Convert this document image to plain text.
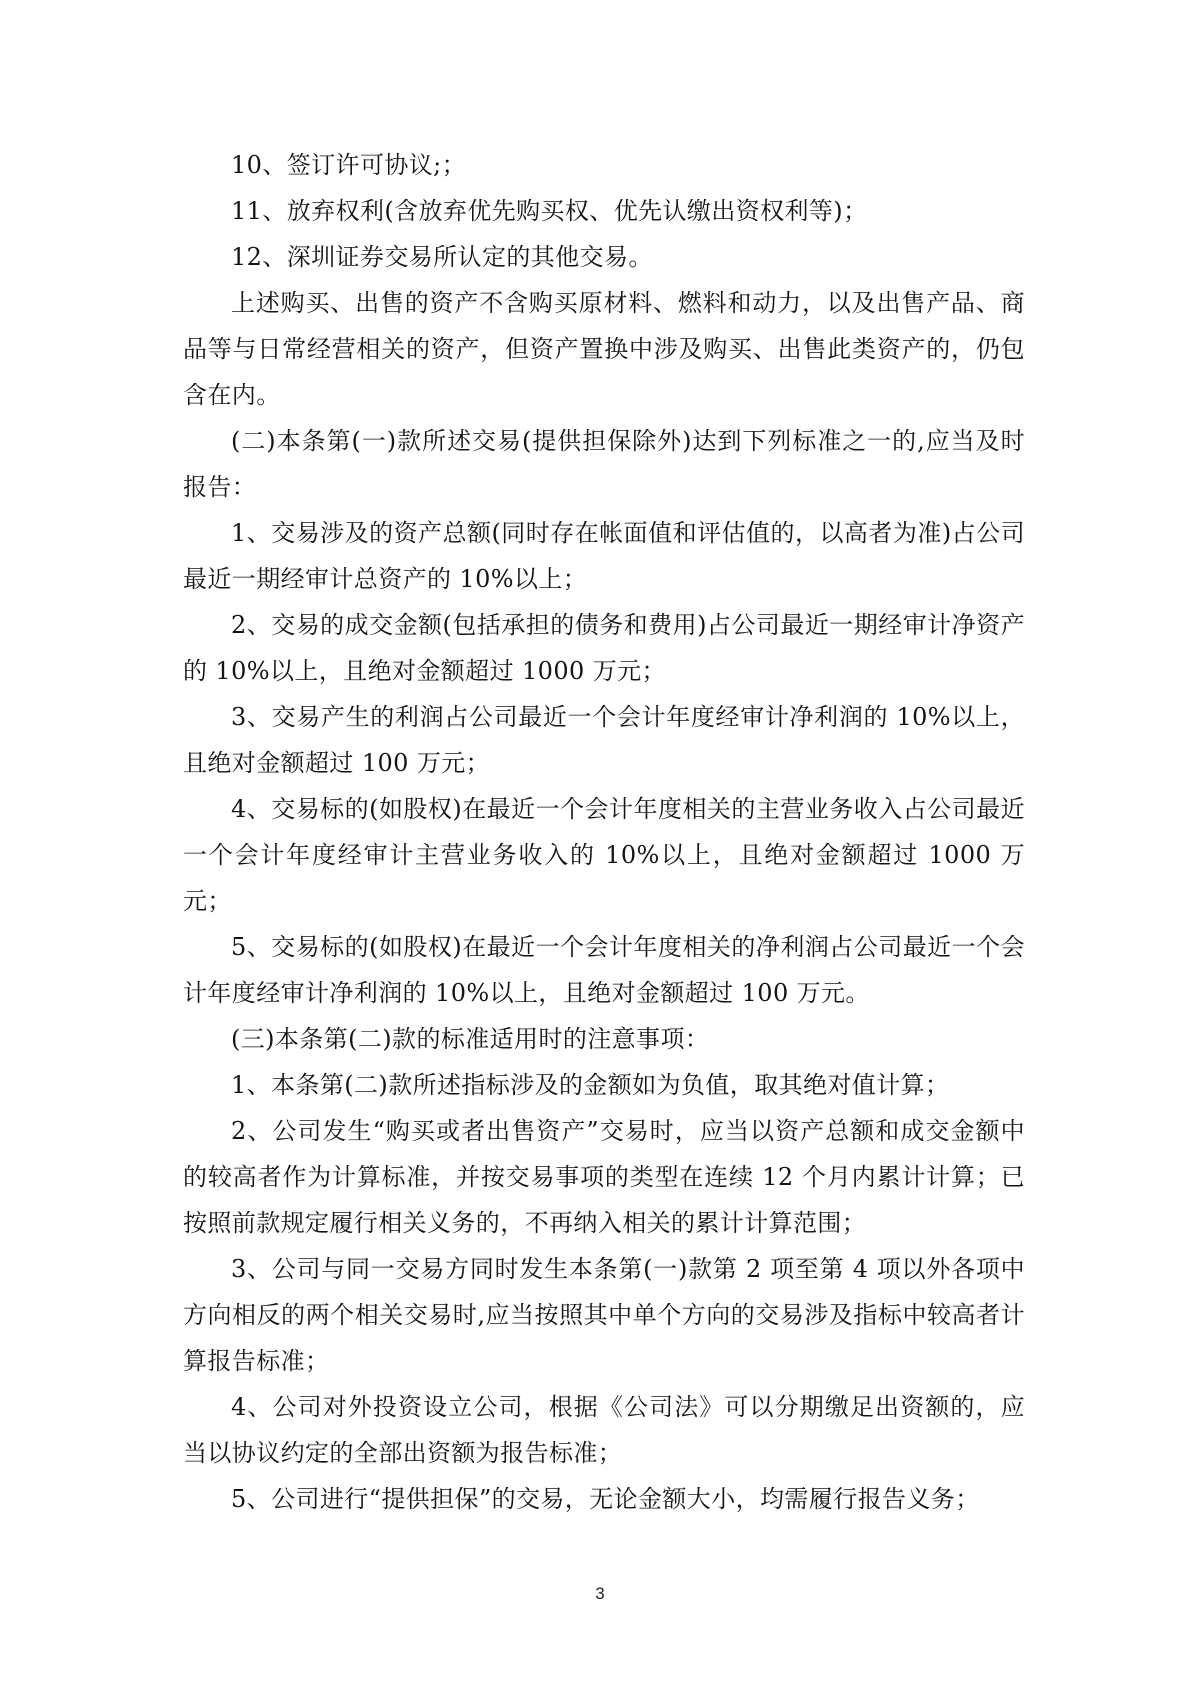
10、签订许可协议;；

11、放弃权利(含放弃优先购买权、优先认缴出资权利等)；

12、深圳证券交易所认定的其他交易。

上述购买、出售的资产不含购买原材料、燃料和动力，以及出售产品、商品等与日常经营相关的资产，但资产置换中涉及购买、出售此类资产的，仍包含在内。

(二)本条第(一)款所述交易(提供担保除外)达到下列标准之一的,应当及时报告：

1、交易涉及的资产总额(同时存在帐面值和评估值的，以高者为准)占公司最近一期经审计总资产的 10%以上；

2、交易的成交金额(包括承担的债务和费用)占公司最近一期经审计净资产的 10%以上，且绝对金额超过 1000 万元；

3、交易产生的利润占公司最近一个会计年度经审计净利润的 10%以上，且绝对金额超过 100 万元；

4、交易标的(如股权)在最近一个会计年度相关的主营业务收入占公司最近一个会计年度经审计主营业务收入的 10%以上，且绝对金额超过 1000 万元；

5、交易标的(如股权)在最近一个会计年度相关的净利润占公司最近一个会计年度经审计净利润的 10%以上，且绝对金额超过 100 万元。

(三)本条第(二)款的标准适用时的注意事项：

1、本条第(二)款所述指标涉及的金额如为负值，取其绝对值计算；

2、公司发生“购买或者出售资产”交易时，应当以资产总额和成交金额中的较高者作为计算标准，并按交易事项的类型在连续 12 个月内累计计算；已按照前款规定履行相关义务的，不再纳入相关的累计计算范围；

3、公司与同一交易方同时发生本条第(一)款第 2 项至第 4 项以外各项中方向相反的两个相关交易时,应当按照其中单个方向的交易涉及指标中较高者计算报告标准；

4、公司对外投资设立公司，根据《公司法》可以分期缴足出资额的，应当以协议约定的全部出资额为报告标准；

5、公司进行“提供担保”的交易，无论金额大小，均需履行报告义务；

3
